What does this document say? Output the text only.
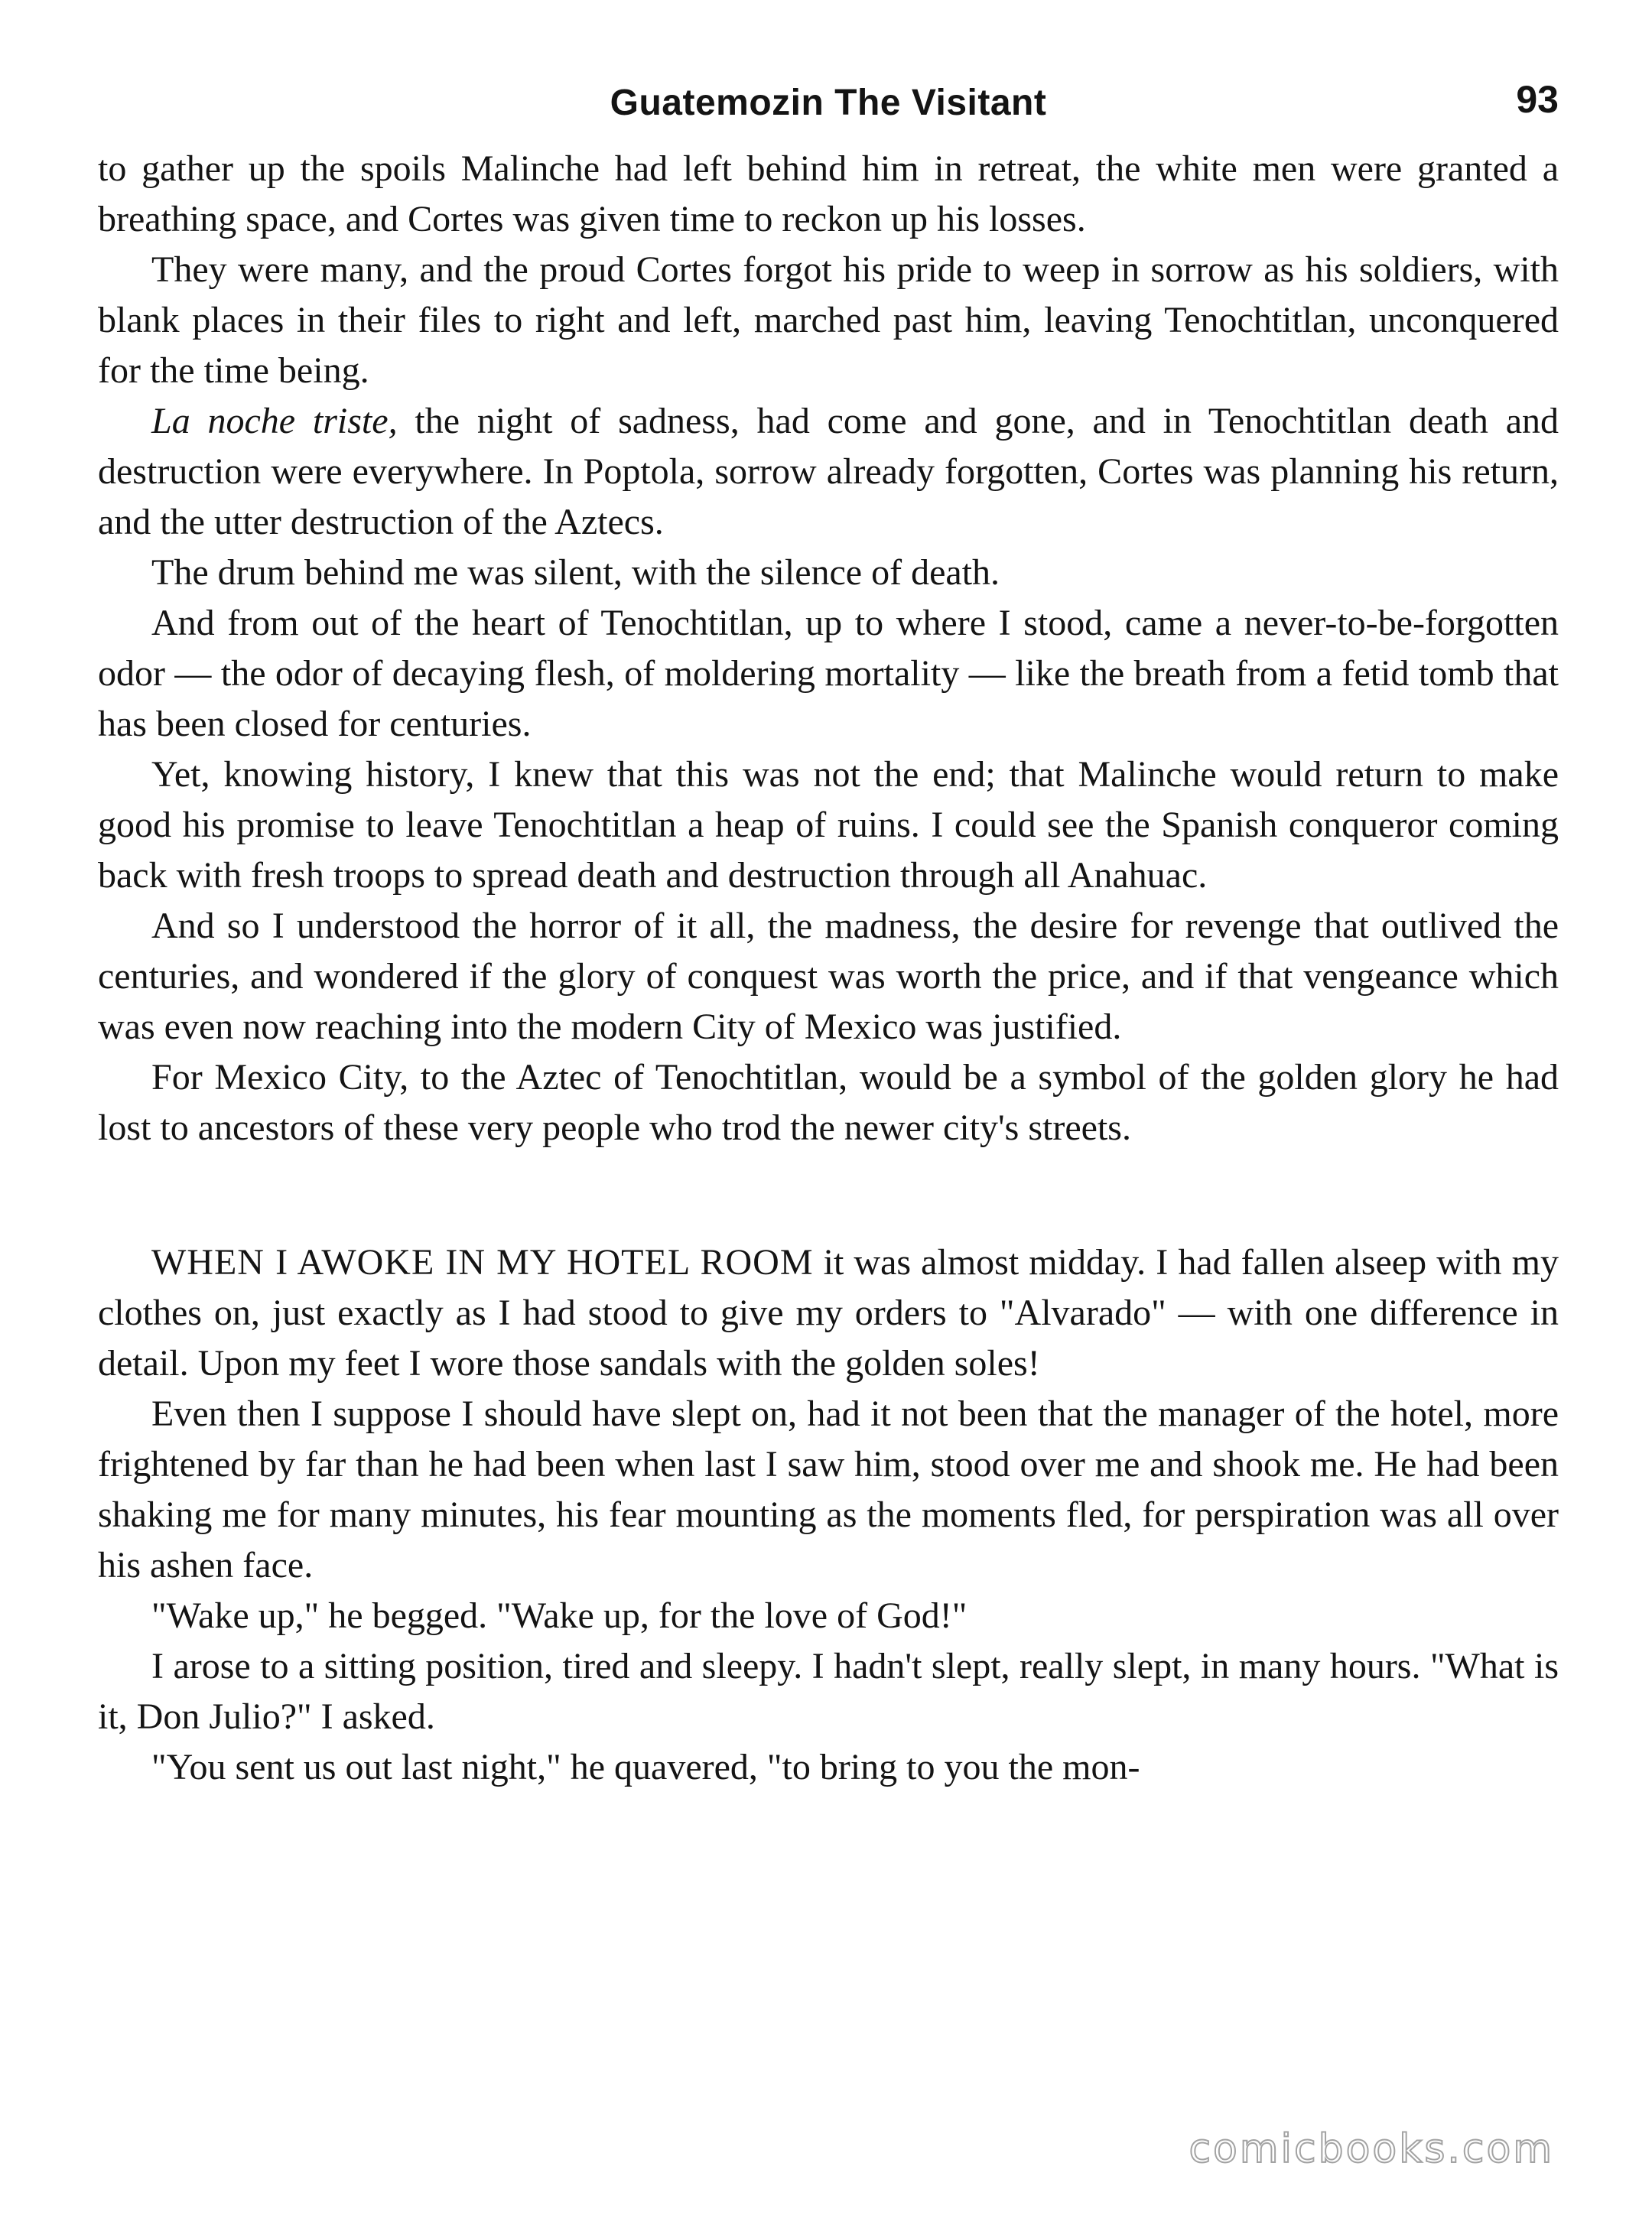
Guatemozin The Visitant	93

to gather up the spoils Malinche had left behind him in retreat, the white men were granted a breathing space, and Cortes was given time to reckon up his losses.

They were many, and the proud Cortes forgot his pride to weep in sorrow as his soldiers, with blank places in their files to right and left, marched past him, leaving Tenochtitlan, unconquered for the time being.

La noche triste, the night of sadness, had come and gone, and in Tenochtitlan death and destruction were everywhere. In Poptola, sorrow already forgotten, Cortes was planning his return, and the utter destruction of the Aztecs.

The drum behind me was silent, with the silence of death.

And from out of the heart of Tenochtitlan, up to where I stood, came a never-to-be-forgotten odor — the odor of decaying flesh, of moldering mortality — like the breath from a fetid tomb that has been closed for centuries.

Yet, knowing history, I knew that this was not the end; that Malinche would return to make good his promise to leave Tenochtitlan a heap of ruins. I could see the Spanish conqueror coming back with fresh troops to spread death and destruction through all Anahuac.

And so I understood the horror of it all, the madness, the desire for revenge that outlived the centuries, and wondered if the glory of conquest was worth the price, and if that vengeance which was even now reaching into the modern City of Mexico was justified.

For Mexico City, to the Aztec of Tenochtitlan, would be a symbol of the golden glory he had lost to ancestors of these very people who trod the newer city's streets.

WHEN I AWOKE IN MY HOTEL ROOM it was almost midday. I had fallen alseep with my clothes on, just exactly as I had stood to give my orders to "Alvarado" — with one difference in detail. Upon my feet I wore those sandals with the golden soles!

Even then I suppose I should have slept on, had it not been that the manager of the hotel, more frightened by far than he had been when last I saw him, stood over me and shook me. He had been shaking me for many minutes, his fear mounting as the moments fled, for perspiration was all over his ashen face.

"Wake up," he begged. "Wake up, for the love of God!"

I arose to a sitting position, tired and sleepy. I hadn't slept, really slept, in many hours. "What is it, Don Julio?" I asked.

"You sent us out last night," he quavered, "to bring to you the mon-

comicbooks.com
